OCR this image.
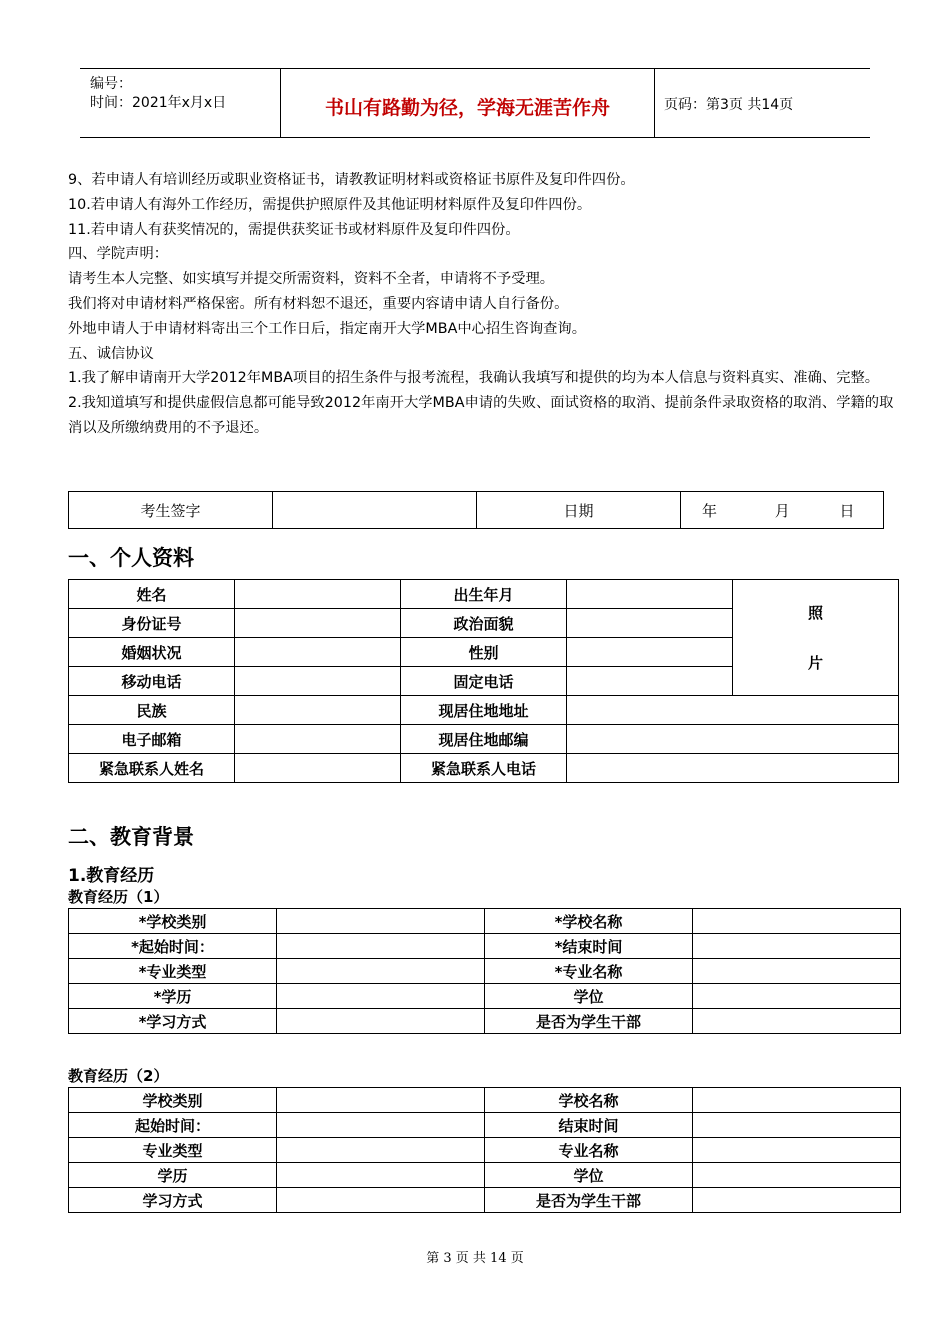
编号：
时间：2021年x月x日	书山有路勤为径，学海无涯苦作舟	页码：第3页 共14页

9、若申请人有培训经历或职业资格证书，请教教证明材料或资格证书原件及复印件四份。

10.若申请人有海外工作经历，需提供护照原件及其他证明材料原件及复印件四份。

11.若申请人有获奖情况的，需提供获奖证书或材料原件及复印件四份。

四、学院声明：

请考生本人完整、如实填写并提交所需资料，资料不全者，申请将不予受理。

我们将对申请材料严格保密。所有材料恕不退还，重要内容请申请人自行备份。

外地申请人于申请材料寄出三个工作日后，指定南开大学MBA中心招生咨询查询。

五、诚信协议

1.我了解申请南开大学2012年MBA项目的招生条件与报考流程，我确认我填写和提供的均为本人信息与资料真实、准确、完整。

2.我知道填写和提供虚假信息都可能导致2012年南开大学MBA申请的失败、面试资格的取消、提前条件录取资格的取消、学籍的取消以及所缴纳费用的不予退还。

考生签字		日期	年	月	日
一、个人资料
姓名		出生年月		照
片

身份证号		政治面貌		
婚姻状况		性别		
移动电话		固定电话		
民族		现居住地地址		
电子邮箱		现居住地邮编		
紧急联系人姓名		紧急联系人电话		
二、教育背景
1.教育经历
教育经历（1）
*学校类别		*学校名称	
*起始时间：		*结束时间	
*专业类型		*专业名称	
*学历		学位	
*学习方式		是否为学生干部	
教育经历（2）
学校类别		学校名称	
起始时间：		结束时间	
专业类型		专业名称	
学历		学位	
学习方式		是否为学生干部	
第 3 页 共 14 页
